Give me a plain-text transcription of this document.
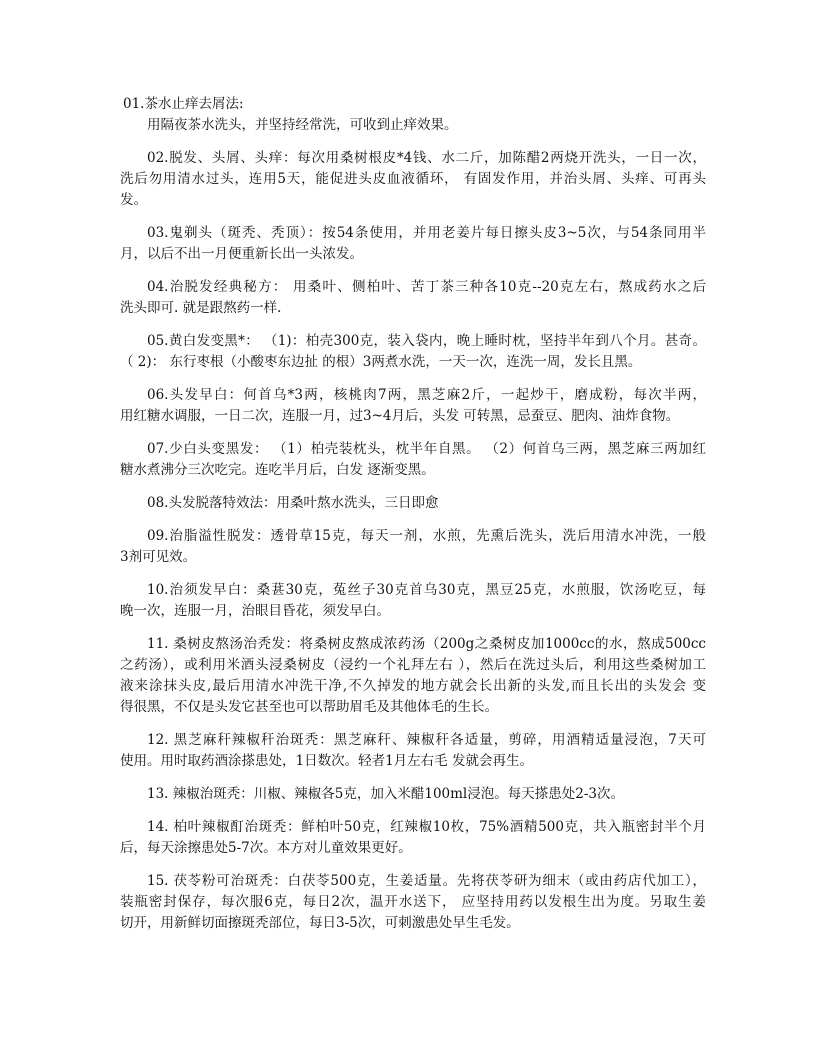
01.茶水止痒去屑法:
用隔夜茶水洗头，并坚持经常洗，可收到止痒效果。
02.脱发、头屑、头痒：每次用桑树根皮*4钱、水二斤，加陈醋2两烧开洗头，一日一次，
洗后勿用清水过头，连用5天，能促进头皮血液循环， 有固发作用，并治头屑、头痒、可再头
发。
03.鬼剃头（斑秃、秃顶）：按54条使用，并用老姜片每日擦头皮3~5次，与54条同用半
月，以后不出一月便重新长出一头浓发。
04.治脱发经典秘方： 用桑叶、侧柏叶、苦丁茶三种各10克--20克左右，熬成药水之后
洗头即可. 就是跟熬药一样.
05.黄白发变黑*： （1)：柏壳300克，装入袋内，晚上睡时枕，坚持半年到八个月。甚奇。
（ 2)： 东行枣根（小酸枣东边扯 的根）3两煮水洗，一天一次，连洗一周，发长且黑。
06.头发早白：何首乌*3两，核桃肉7两，黑芝麻2斤，一起炒干，磨成粉，每次半两，
用红糖水调服，一日二次，连服一月，过3~4月后，头发 可转黑，忌蚕豆、肥肉、油炸食物。
07.少白头变黑发： （1）柏壳装枕头，枕半年自黑。 （2）何首乌三两，黑芝麻三两加红
糖水煮沸分三次吃完。连吃半月后，白发 逐渐变黑。
08.头发脱落特效法：用桑叶熬水洗头，三日即愈
09.治脂溢性脱发：透骨草15克，每天一剂，水煎，先熏后洗头，洗后用清水冲洗，一般
3剂可见效。
10.治须发早白：桑葚30克，菟丝子30克首乌30克，黑豆25克，水煎服，饮汤吃豆，每
晚一次，连服一月，治眼目昏花，须发早白。
11. 桑树皮熬汤治秃发：将桑树皮熬成浓药汤（200g之桑树皮加1000cc的水，熬成500cc
之药汤），或利用米酒头浸桑树皮（浸约一个礼拜左右 ），然后在洗过头后，利用这些桑树加工
液来涂抹头皮,最后用清水冲洗干净,不久掉发的地方就会长出新的头发,而且长出的头发会 变
得很黑，不仅是头发它甚至也可以帮助眉毛及其他体毛的生长。
12. 黑芝麻秆辣椒秆治斑秃：黑芝麻秆、辣椒秆各适量，剪碎，用酒精适量浸泡，7天可
使用。用时取药酒涂搽患处，1日数次。轻者1月左右毛 发就会再生。
13. 辣椒治斑秃：川椒、辣椒各5克，加入米醋100ml浸泡。每天搽患处2-3次。
14. 柏叶辣椒酊治斑秃：鲜柏叶50克，红辣椒10枚，75%酒精500克，共入瓶密封半个月
后，每天涂擦患处5-7次。本方对儿童效果更好。
15. 茯苓粉可治斑秃：白茯苓500克，生姜适量。先将茯苓研为细末（或由药店代加工），
装瓶密封保存，每次服6克，每日2次，温开水送下， 应坚持用药以发根生出为度。另取生姜
切开，用新鲜切面擦斑秃部位，每日3-5次，可刺激患处早生毛发。
